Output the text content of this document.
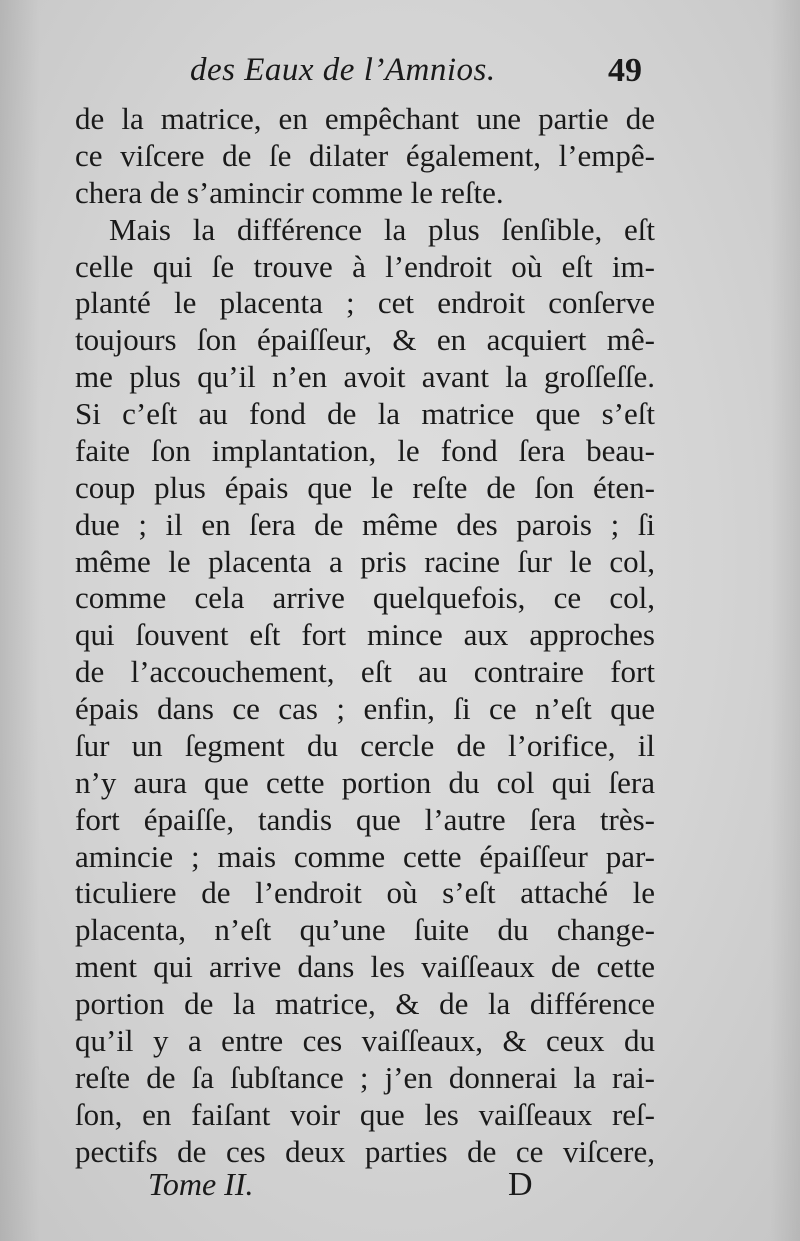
des Eaux de l’Amnios.	49
de la matrice, en empêchant une partie de
ce viſcere de ſe dilater également, l’empê-
chera de s’amincir comme le reſte.
Mais la différence la plus ſenſible, eſt
celle qui ſe trouve à l’endroit où eſt im-
planté le placenta ; cet endroit conſerve
toujours ſon épaiſſeur, & en acquiert mê-
me plus qu’il n’en avoit avant la groſſeſſe.
Si c’eſt au fond de la matrice que s’eſt
faite ſon implantation, le fond ſera beau-
coup plus épais que le reſte de ſon éten-
due ; il en ſera de même des parois ; ſi
même le placenta a pris racine ſur le col,
comme cela arrive quelquefois, ce col,
qui ſouvent eſt fort mince aux approches
de l’accouchement, eſt au contraire fort
épais dans ce cas ; enfin, ſi ce n’eſt que
ſur un ſegment du cercle de l’orifice, il
n’y aura que cette portion du col qui ſera
fort épaiſſe, tandis que l’autre ſera très-
amincie ; mais comme cette épaiſſeur par-
ticuliere de l’endroit où s’eſt attaché le
placenta, n’eſt qu’une ſuite du change-
ment qui arrive dans les vaiſſeaux de cette
portion de la matrice, & de la différence
qu’il y a entre ces vaiſſeaux, & ceux du
reſte de ſa ſubſtance ; j’en donnerai la rai-
ſon, en faiſant voir que les vaiſſeaux reſ-
pectifs de ces deux parties de ce viſcere,
Tome II.	D
